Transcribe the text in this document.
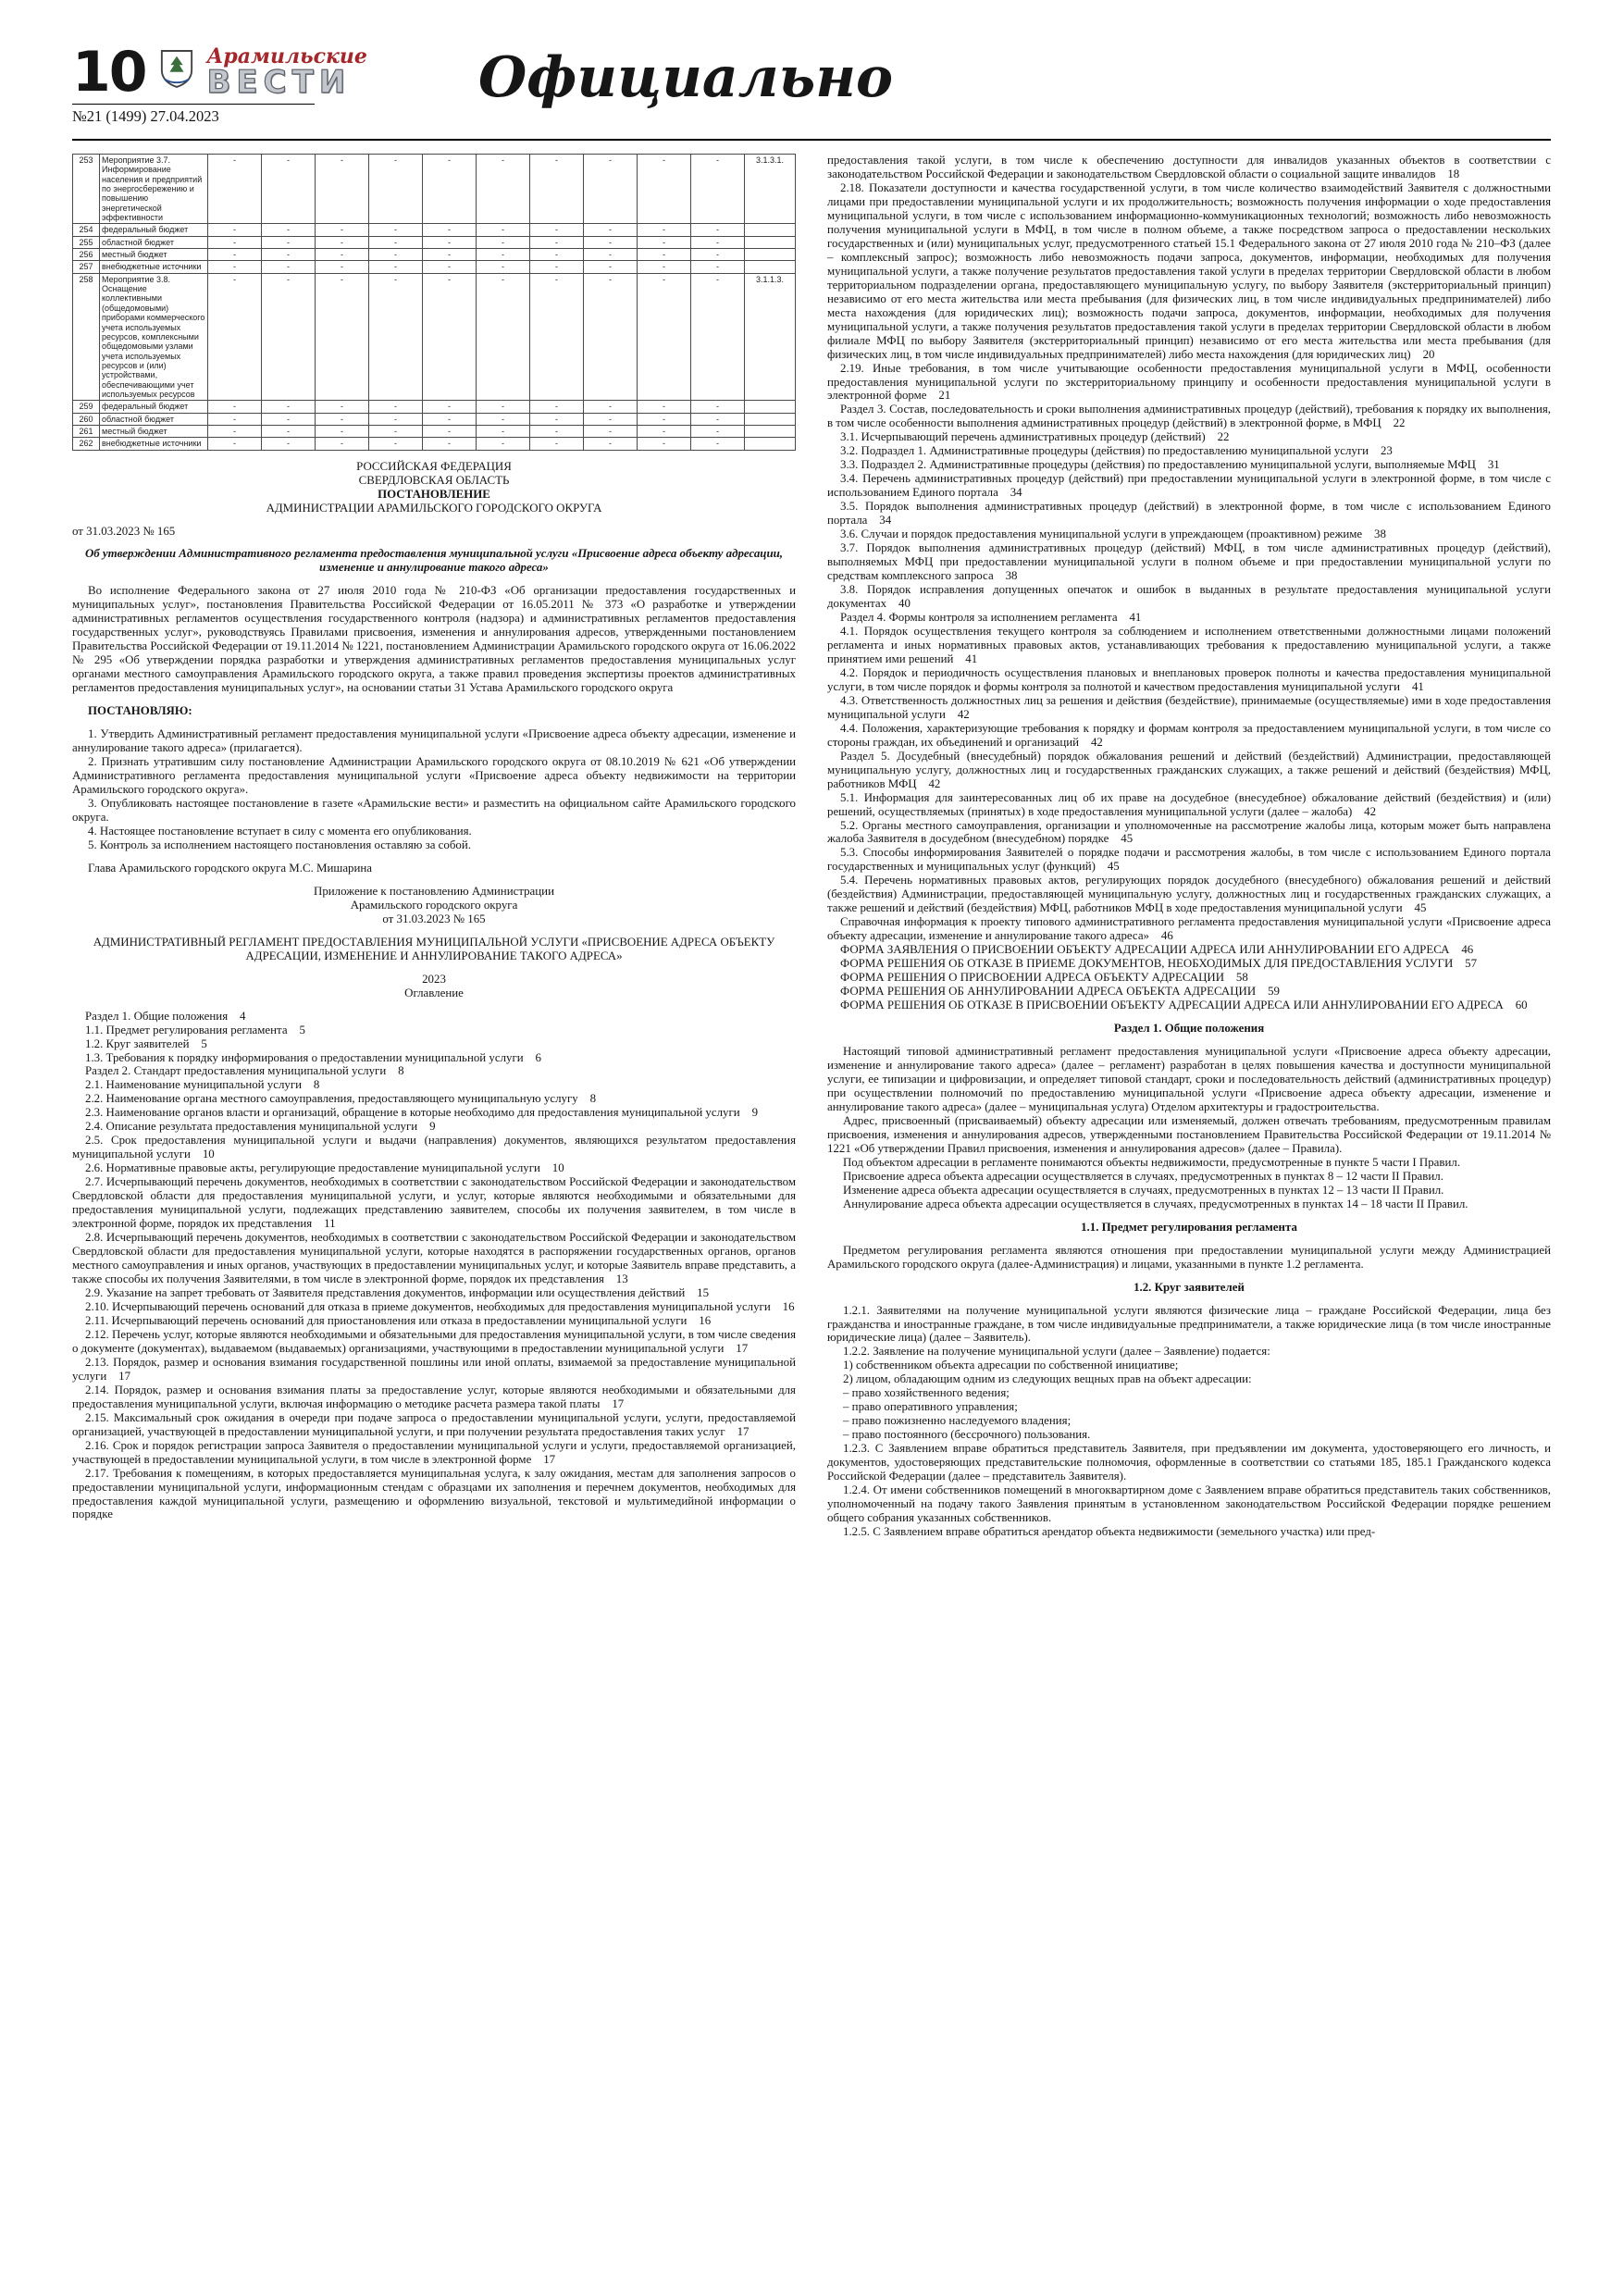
10	Арамильские
ВЕСТИ
№21 (1499) 27.04.2023
Официально
253	Мероприятие 3.7. Информирование населения и предприятий по энергосбережению и повышению энергетической эффективности	-	-	-	-	-	-	-	-	-	-	3.1.3.1.
254	федеральный бюджет	-	-	-	-	-	-	-	-	-	-	
255	областной бюджет	-	-	-	-	-	-	-	-	-	-	
256	местный бюджет	-	-	-	-	-	-	-	-	-	-	
257	внебюджетные источники	-	-	-	-	-	-	-	-	-	-	
258	Мероприятие 3.8. Оснащение коллективными (общедомовыми) приборами коммерческого учета используемых ресурсов, комплексными общедомовыми узлами учета используемых ресурсов и (или) устройствами, обеспечивающими учет используемых ресурсов	-	-	-	-	-	-	-	-	-	-	3.1.1.3.
259	федеральный бюджет	-	-	-	-	-	-	-	-	-	-	
260	областной бюджет	-	-	-	-	-	-	-	-	-	-	
261	местный бюджет	-	-	-	-	-	-	-	-	-	-	
262	внебюджетные источники	-	-	-	-	-	-	-	-	-	-	
РОССИЙСКАЯ ФЕДЕРАЦИЯ
СВЕРДЛОВСКАЯ ОБЛАСТЬ
ПОСТАНОВЛЕНИЕ
АДМИНИСТРАЦИИ АРАМИЛЬСКОГО ГОРОДСКОГО ОКРУГА
от 31.03.2023 № 165
Об утверждении Административного регламента предоставления муниципальной услуги «Присвоение адреса объекту адресации, изменение и аннулирование такого адреса»
Во исполнение Федерального закона от 27 июля 2010 года № 210-ФЗ «Об организации предоставления государственных и муниципальных услуг», постановления Правительства Российской Федерации от 16.05.2011 № 373 «О разработке и утверждении административных регламентов осуществления государственного контроля (надзора) и административных регламентов предоставления государственных услуг», руководствуясь Правилами присвоения, изменения и аннулирования адресов, утвержденными постановлением Правительства Российской Федерации от 19.11.2014 № 1221, постановлением Администрации Арамильского городского округа от 16.06.2022 № 295 «Об утверждении порядка разработки и утверждения административных регламентов предоставления муниципальных услуг органами местного самоуправления Арамильского городского округа, а также правил проведения экспертизы проектов административных регламентов предоставления муниципальных услуг», на основании статьи 31 Устава Арамильского городского округа
ПОСТАНОВЛЯЮ:
1. Утвердить Административный регламент предоставления муниципальной услуги «Присвоение адреса объекту адресации, изменение и аннулирование такого адреса» (прилагается).
2. Признать утратившим силу постановление Администрации Арамильского городского округа от 08.10.2019 № 621 «Об утверждении Административного регламента предоставления муниципальной услуги «Присвоение адреса объекту недвижимости на территории Арамильского городского округа».
3. Опубликовать настоящее постановление в газете «Арамильские вести» и разместить на официальном сайте Арамильского городского округа.
4. Настоящее постановление вступает в силу с момента его опубликования.
5. Контроль за исполнением настоящего постановления оставляю за собой.
Глава Арамильского городского округа М.С. Мишарина
Приложение к постановлению Администрации
Арамильского городского округа
от 31.03.2023 № 165
АДМИНИСТРАТИВНЫЙ РЕГЛАМЕНТ ПРЕДОСТАВЛЕНИЯ МУНИЦИПАЛЬНОЙ УСЛУГИ «ПРИСВОЕНИЕ АДРЕСА ОБЪЕКТУ АДРЕСАЦИИ, ИЗМЕНЕНИЕ И АННУЛИРОВАНИЕ ТАКОГО АДРЕСА»
2023
Оглавление
Раздел 1. Общие положения 4
1.1. Предмет регулирования регламента 5
1.2. Круг заявителей 5
1.3. Требования к порядку информирования о предоставлении муниципальной услуги 6
Раздел 2. Стандарт предоставления муниципальной услуги 8
2.1. Наименование муниципальной услуги 8
2.2. Наименование органа местного самоуправления, предоставляющего муниципальную услугу 8
2.3. Наименование органов власти и организаций, обращение в которые необходимо для предоставления муниципальной услуги 9
2.4. Описание результата предоставления муниципальной услуги 9
2.5. Срок предоставления муниципальной услуги и выдачи (направления) документов, являющихся результатом предоставления муниципальной услуги 10
2.6. Нормативные правовые акты, регулирующие предоставление муниципальной услуги 10
2.7. Исчерпывающий перечень документов, необходимых в соответствии с законодательством Российской Федерации и законодательством Свердловской области для предоставления муниципальной услуги, и услуг, которые являются необходимыми и обязательными для предоставления муниципальной услуги, подлежащих представлению заявителем, способы их получения заявителем, в том числе в электронной форме, порядок их представления 11
2.8. Исчерпывающий перечень документов, необходимых в соответствии с законодательством Российской Федерации и законодательством Свердловской области для предоставления муниципальной услуги, которые находятся в распоряжении государственных органов, органов местного самоуправления и иных органов, участвующих в предоставлении муниципальных услуг, и которые Заявитель вправе представить, а также способы их получения Заявителями, в том числе в электронной форме, порядок их представления 13
2.9. Указание на запрет требовать от Заявителя представления документов, информации или осуществления действий 15
2.10. Исчерпывающий перечень оснований для отказа в приеме документов, необходимых для предоставления муниципальной услуги 16
2.11. Исчерпывающий перечень оснований для приостановления или отказа в предоставлении муниципальной услуги 16
2.12. Перечень услуг, которые являются необходимыми и обязательными для предоставления муниципальной услуги, в том числе сведения о документе (документах), выдаваемом (выдаваемых) организациями, участвующими в предоставлении муниципальной услуги 17
2.13. Порядок, размер и основания взимания государственной пошлины или иной оплаты, взимаемой за предоставление муниципальной услуги 17
2.14. Порядок, размер и основания взимания платы за предоставление услуг, которые являются необходимыми и обязательными для предоставления муниципальной услуги, включая информацию о методике расчета размера такой платы 17
2.15. Максимальный срок ожидания в очереди при подаче запроса о предоставлении муниципальной услуги, услуги, предоставляемой организацией, участвующей в предоставлении муниципальной услуги, и при получении результата предоставления таких услуг 17
2.16. Срок и порядок регистрации запроса Заявителя о предоставлении муниципальной услуги и услуги, предоставляемой организацией, участвующей в предоставлении муниципальной услуги, в том числе в электронной форме 17
2.17. Требования к помещениям, в которых предоставляется муниципальная услуга, к залу ожидания, местам для заполнения запросов о предоставлении муниципальной услуги, информационным стендам с образцами их заполнения и перечнем документов, необходимых для предоставления каждой муниципальной услуги, размещению и оформлению визуальной, текстовой и мультимедийной информации о порядке
предоставления такой услуги, в том числе к обеспечению доступности для инвалидов указанных объектов в соответствии с законодательством Российской Федерации и законодательством Свердловской области о социальной защите инвалидов 18
2.18. Показатели доступности и качества государственной услуги, в том числе количество взаимодействий Заявителя с должностными лицами при предоставлении муниципальной услуги и их продолжительность; возможность получения информации о ходе предоставления муниципальной услуги, в том числе с использованием информационно-коммуникационных технологий; возможность либо невозможность получения муниципальной услуги в МФЦ, в том числе в полном объеме, а также посредством запроса о предоставлении нескольких государственных и (или) муниципальных услуг, предусмотренного статьей 15.1 Федерального закона от 27 июля 2010 года № 210–ФЗ (далее – комплексный запрос); возможность либо невозможность подачи запроса, документов, информации, необходимых для получения муниципальной услуги, а также получение результатов предоставления такой услуги в пределах территории Свердловской области в любом территориальном подразделении органа, предоставляющего муниципальную услугу, по выбору Заявителя (экстерриториальный принцип) независимо от его места жительства или места пребывания (для физических лиц, в том числе индивидуальных предпринимателей) либо места нахождения (для юридических лиц); возможность подачи запроса, документов, информации, необходимых для получения муниципальной услуги, а также получения результатов предоставления такой услуги в пределах территории Свердловской области в любом филиале МФЦ по выбору Заявителя (экстерриториальный принцип) независимо от его места жительства или места пребывания (для физических лиц, в том числе индивидуальных предпринимателей) либо места нахождения (для юридических лиц) 20
2.19. Иные требования, в том числе учитывающие особенности предоставления муниципальной услуги в МФЦ, особенности предоставления муниципальной услуги по экстерриториальному принципу и особенности предоставления муниципальной услуги в электронной форме 21
Раздел 3. Состав, последовательность и сроки выполнения административных процедур (действий), требования к порядку их выполнения, в том числе особенности выполнения административных процедур (действий) в электронной форме, в МФЦ 22
3.1. Исчерпывающий перечень административных процедур (действий) 22
3.2. Подраздел 1. Административные процедуры (действия) по предоставлению муниципальной услуги 23
3.3. Подраздел 2. Административные процедуры (действия) по предоставлению муниципальной услуги, выполняемые МФЦ 31
3.4. Перечень административных процедур (действий) при предоставлении муниципальной услуги в электронной форме, в том числе с использованием Единого портала 34
3.5. Порядок выполнения административных процедур (действий) в электронной форме, в том числе с использованием Единого портала 34
3.6. Случаи и порядок предоставления муниципальной услуги в упреждающем (проактивном) режиме 38
3.7. Порядок выполнения административных процедур (действий) МФЦ, в том числе административных процедур (действий), выполняемых МФЦ при предоставлении муниципальной услуги в полном объеме и при предоставлении муниципальной услуги по средствам комплексного запроса 38
3.8. Порядок исправления допущенных опечаток и ошибок в выданных в результате предоставления муниципальной услуги документах 40
Раздел 4. Формы контроля за исполнением регламента 41
4.1. Порядок осуществления текущего контроля за соблюдением и исполнением ответственными должностными лицами положений регламента и иных нормативных правовых актов, устанавливающих требования к предоставлению муниципальной услуги, а также принятием ими решений 41
4.2. Порядок и периодичность осуществления плановых и внеплановых проверок полноты и качества предоставления муниципальной услуги, в том числе порядок и формы контроля за полнотой и качеством предоставления муниципальной услуги 41
4.3. Ответственность должностных лиц за решения и действия (бездействие), принимаемые (осуществляемые) ими в ходе предоставления муниципальной услуги 42
4.4. Положения, характеризующие требования к порядку и формам контроля за предоставлением муниципальной услуги, в том числе со стороны граждан, их объединений и организаций 42
Раздел 5. Досудебный (внесудебный) порядок обжалования решений и действий (бездействий) Администрации, предоставляющей муниципальную услугу, должностных лиц и государственных гражданских служащих, а также решений и действий (бездействия) МФЦ, работников МФЦ 42
5.1. Информация для заинтересованных лиц об их праве на досудебное (внесудебное) обжалование действий (бездействия) и (или) решений, осуществляемых (принятых) в ходе предоставления муниципальной услуги (далее – жалоба) 42
5.2. Органы местного самоуправления, организации и уполномоченные на рассмотрение жалобы лица, которым может быть направлена жалоба Заявителя в досудебном (внесудебном) порядке 45
5.3. Способы информирования Заявителей о порядке подачи и рассмотрения жалобы, в том числе с использованием Единого портала государственных и муниципальных услуг (функций) 45
5.4. Перечень нормативных правовых актов, регулирующих порядок досудебного (внесудебного) обжалования решений и действий (бездействия) Администрации, предоставляющей муниципальную услугу, должностных лиц и государственных гражданских служащих, а также решений и действий (бездействия) МФЦ, работников МФЦ в ходе предоставления муниципальной услуги 45
Справочная информация к проекту типового административного регламента предоставления муниципальной услуги «Присвоение адреса объекту адресации, изменение и аннулирование такого адреса» 46
ФОРМА ЗАЯВЛЕНИЯ О ПРИСВОЕНИИ ОБЪЕКТУ АДРЕСАЦИИ АДРЕСА ИЛИ АННУЛИРОВАНИИ ЕГО АДРЕСА 46
ФОРМА РЕШЕНИЯ ОБ ОТКАЗЕ В ПРИЕМЕ ДОКУМЕНТОВ, НЕОБХОДИМЫХ ДЛЯ ПРЕДОСТАВЛЕНИЯ УСЛУГИ 57
ФОРМА РЕШЕНИЯ О ПРИСВОЕНИИ АДРЕСА ОБЪЕКТУ АДРЕСАЦИИ 58
ФОРМА РЕШЕНИЯ ОБ АННУЛИРОВАНИИ АДРЕСА ОБЪЕКТА АДРЕСАЦИИ 59
ФОРМА РЕШЕНИЯ ОБ ОТКАЗЕ В ПРИСВОЕНИИ ОБЪЕКТУ АДРЕСАЦИИ АДРЕСА ИЛИ АННУЛИРОВАНИИ ЕГО АДРЕСА 60
Раздел 1. Общие положения
Настоящий типовой административный регламент предоставления муниципальной услуги «Присвоение адреса объекту адресации, изменение и аннулирование такого адреса» (далее – регламент) разработан в целях повышения качества и доступности муниципальной услуги, ее типизации и цифровизации, и определяет типовой стандарт, сроки и последовательность действий (административных процедур) при осуществлении полномочий по предоставлению муниципальной услуги «Присвоение адреса объекту адресации, изменение и аннулирование такого адреса» (далее – муниципальная услуга) Отделом архитектуры и градостроительства.
Адрес, присвоенный (присваиваемый) объекту адресации или изменяемый, должен отвечать требованиям, предусмотренным правилам присвоения, изменения и аннулирования адресов, утвержденными постановлением Правительства Российской Федерации от 19.11.2014 № 1221 «Об утверждении Правил присвоения, изменения и аннулирования адресов» (далее – Правила).
Под объектом адресации в регламенте понимаются объекты недвижимости, предусмотренные в пункте 5 части I Правил.
Присвоение адреса объекта адресации осуществляется в случаях, предусмотренных в пунктах 8 – 12 части II Правил.
Изменение адреса объекта адресации осуществляется в случаях, предусмотренных в пунктах 12 – 13 части II Правил.
Аннулирование адреса объекта адресации осуществляется в случаях, предусмотренных в пунктах 14 – 18 части II Правил.
1.1. Предмет регулирования регламента
Предметом регулирования регламента являются отношения при предоставлении муниципальной услуги между Администрацией Арамильского городского округа (далее-Администрация) и лицами, указанными в пункте 1.2 регламента.
1.2. Круг заявителей
1.2.1. Заявителями на получение муниципальной услуги являются физические лица – граждане Российской Федерации, лица без гражданства и иностранные граждане, в том числе индивидуальные предприниматели, а также юридические лица (в том числе иностранные юридические лица) (далее – Заявитель).
1.2.2. Заявление на получение муниципальной услуги (далее – Заявление) подается:
1) собственником объекта адресации по собственной инициативе;
2) лицом, обладающим одним из следующих вещных прав на объект адресации:
– право хозяйственного ведения;
– право оперативного управления;
– право пожизненно наследуемого владения;
– право постоянного (бессрочного) пользования.
1.2.3. С Заявлением вправе обратиться представитель Заявителя, при предъявлении им документа, удостоверяющего его личность, и документов, удостоверяющих представительские полномочия, оформленные в соответствии со статьями 185, 185.1 Гражданского кодекса Российской Федерации (далее – представитель Заявителя).
1.2.4. От имени собственников помещений в многоквартирном доме с Заявлением вправе обратиться представитель таких собственников, уполномоченный на подачу такого Заявления принятым в установленном законодательством Российской Федерации порядке решением общего собрания указанных собственников.
1.2.5. С Заявлением вправе обратиться арендатор объекта недвижимости (земельного участка) или пред-
